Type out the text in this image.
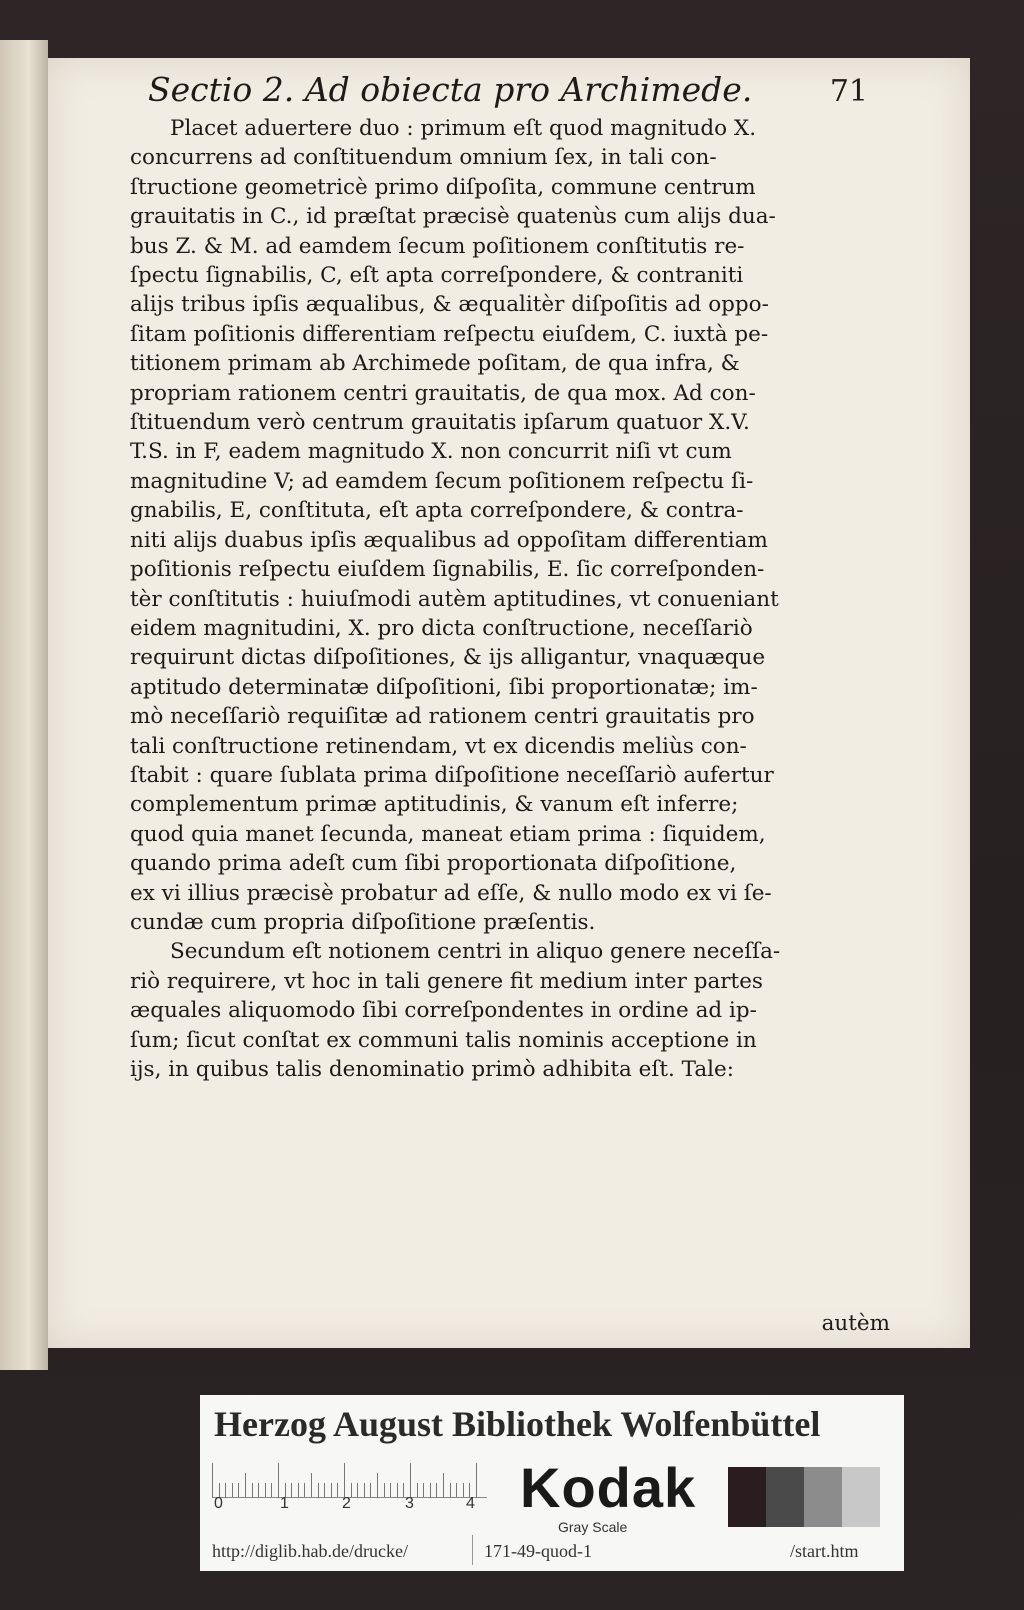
Sectio 2. Ad obiecta pro Archimede.	71
Placet aduertere duo : primum eſt quod magnitudo X.
concurrens ad conſtituendum omnium ſex, in tali con-
ſtructione geometricè primo diſpoſita, commune centrum
grauitatis in C., id præſtat præcisè quatenùs cum alijs dua-
bus Z. & M. ad eamdem ſecum poſitionem conſtitutis re-
ſpectu ſignabilis, C, eſt apta correſpondere, & contraniti
alijs tribus ipſis æqualibus, & æqualitèr diſpoſitis ad oppo-
ſitam poſitionis differentiam reſpectu eiuſdem, C. iuxtà pe-
titionem primam ab Archimede poſitam, de qua infra, &
propriam rationem centri grauitatis, de qua mox. Ad con-
ſtituendum verò centrum grauitatis ipſarum quatuor X.V.
T.S. in F, eadem magnitudo X. non concurrit niſi vt cum
magnitudine V; ad eamdem ſecum poſitionem reſpectu ſi-
gnabilis, E, conſtituta, eſt apta correſpondere, & contra-
niti alijs duabus ipſis æqualibus ad oppoſitam differentiam
poſitionis reſpectu eiuſdem ſignabilis, E. ſic correſponden-
tèr conſtitutis : huiuſmodi autèm aptitudines, vt conueniant
eidem magnitudini, X. pro dicta conſtructione, neceſſariò
requirunt dictas diſpoſitiones, & ijs alligantur, vnaquæque
aptitudo determinatæ diſpoſitioni, ſibi proportionatæ; im-
mò neceſſariò requiſitæ ad rationem centri grauitatis pro
tali conſtructione retinendam, vt ex dicendis meliùs con-
ſtabit : quare ſublata prima diſpoſitione neceſſariò aufertur
complementum primæ aptitudinis, & vanum eſt inferre;
quod quia manet ſecunda, maneat etiam prima : ſiquidem,
quando prima adeſt cum ſibi proportionata diſpoſitione,
ex vi illius præcisè probatur ad eſſe, & nullo modo ex vi ſe-
cundæ cum propria diſpoſitione præſentis.
Secundum eſt notionem centri in aliquo genere neceſſa-
riò requirere, vt hoc in tali genere fit medium inter partes
æquales aliquomodo ſibi correſpondentes in ordine ad ip-
ſum; ſicut conſtat ex communi talis nominis acceptione in
ijs, in quibus talis denominatio primò adhibita eſt. Tale:
autèm
Herzog August Bibliothek Wolfenbüttel
0	1	2	3	4 Kodak
Gray Scale
http://diglib.hab.de/drucke/	171-49-quod-1	/start.htm
